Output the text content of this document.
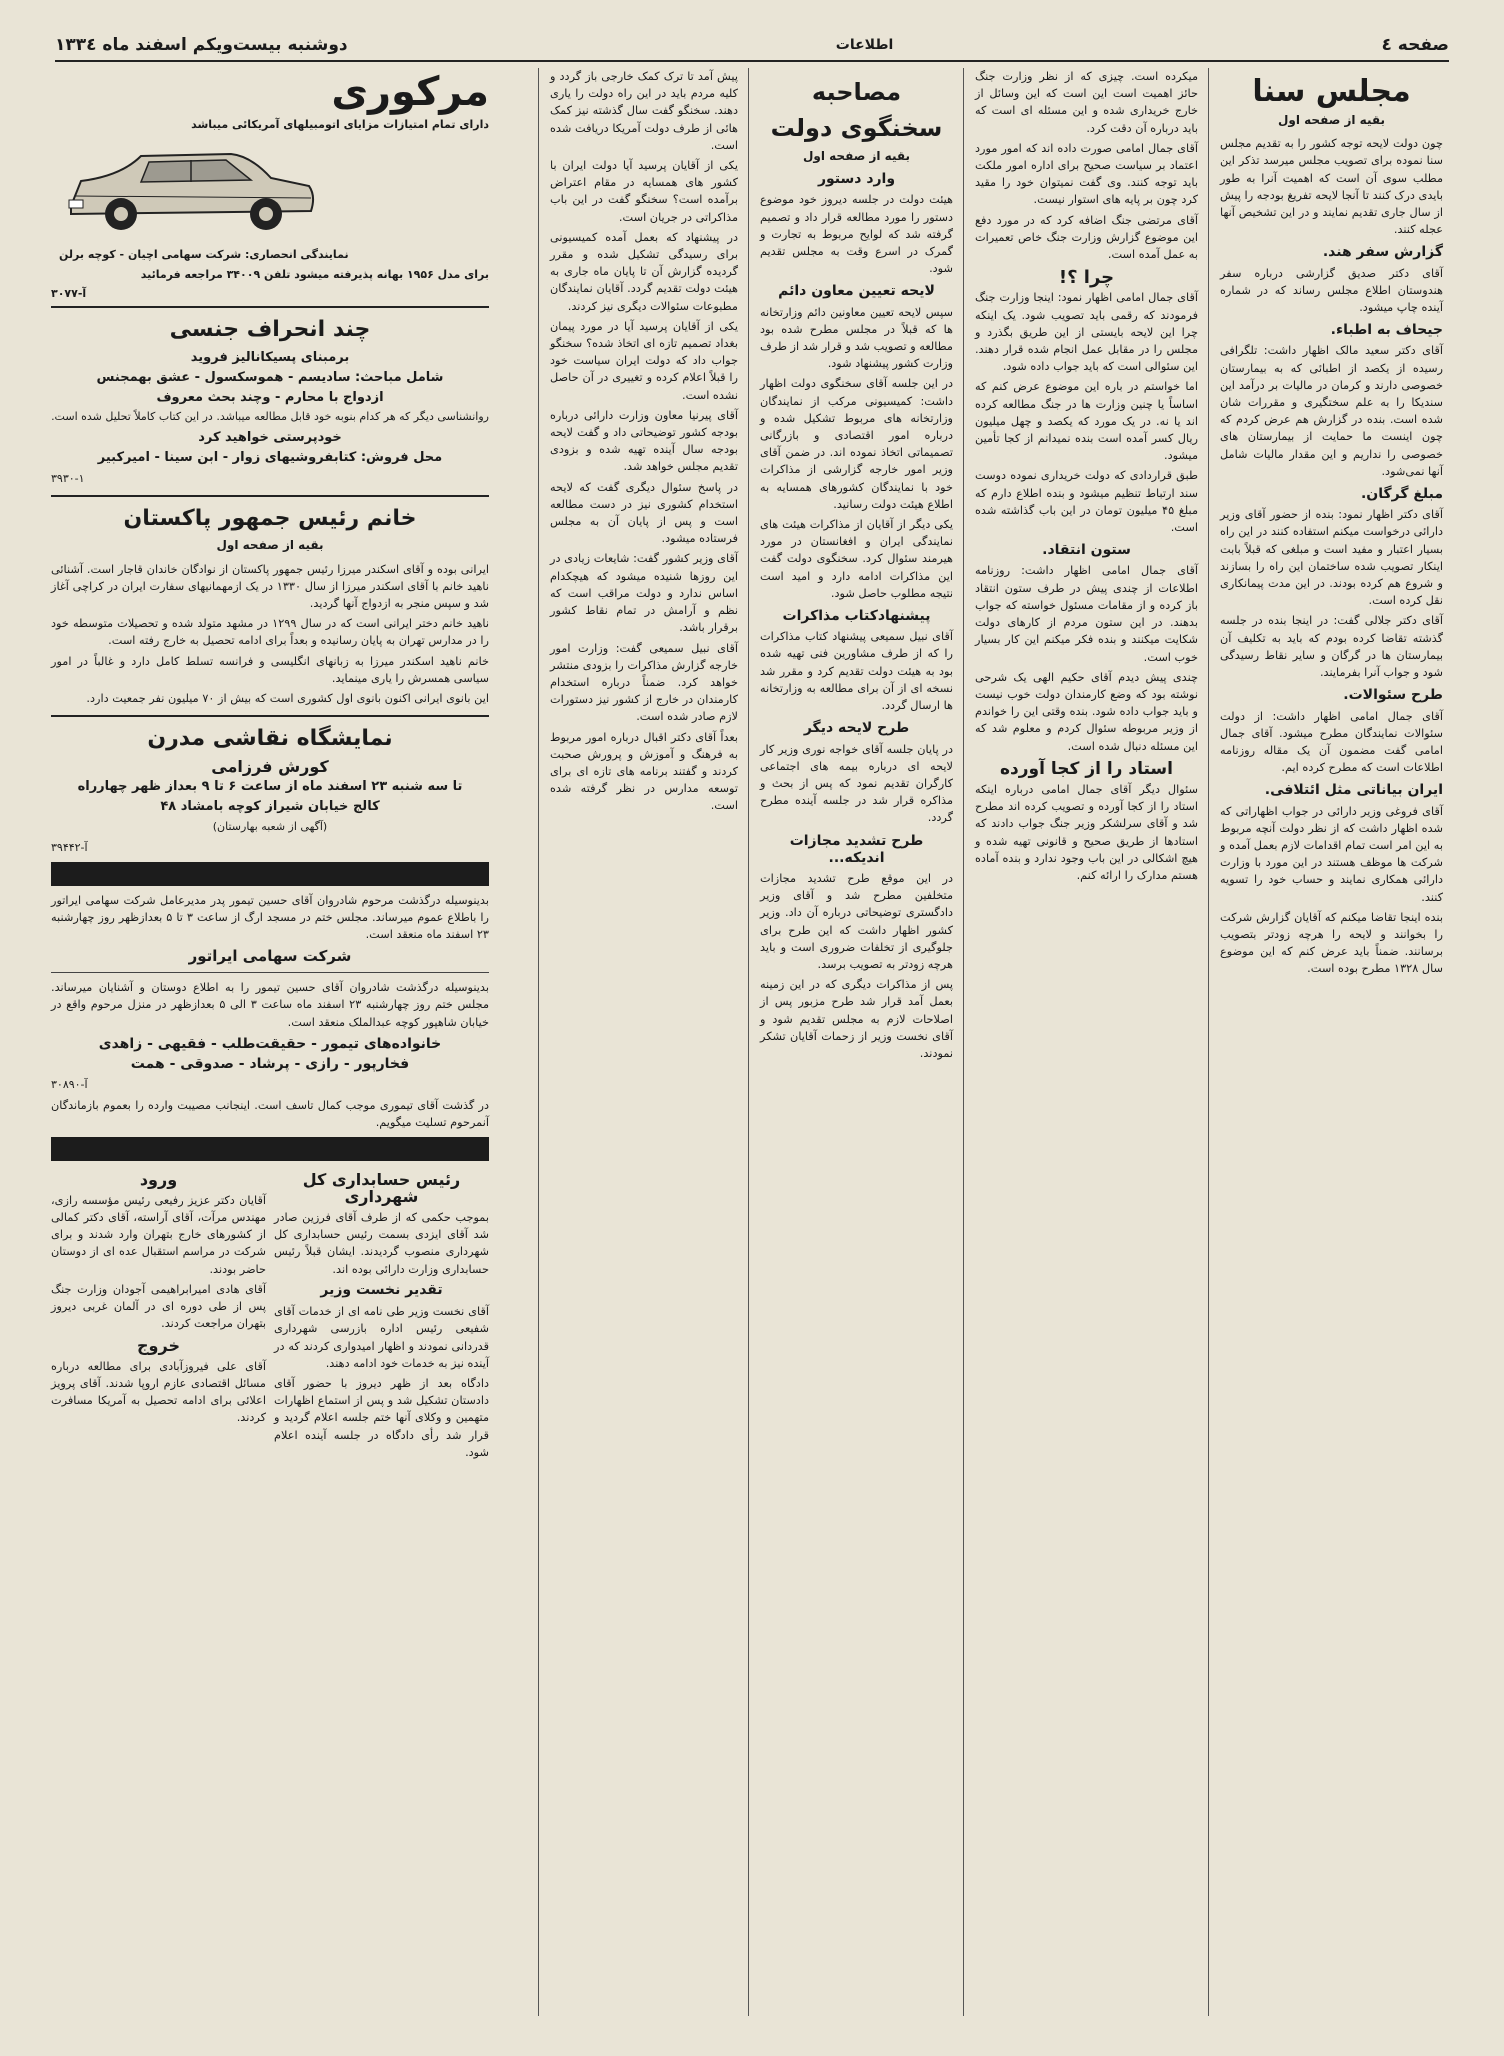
صفحه ٤
اطلاعات
دوشنبه بیست‌ویکم اسفند ماه ۱۳۳٤
مجلس سنا
بقیه از صفحه اول

چون دولت لایحه توجه کشور را به تقدیم مجلس سنا نموده برای تصویب مجلس میرسد تذکر این مطلب سوی آن است که اهمیت آنرا به طور بایدی درک کنند تا آنجا لایحه تفریغ بودجه را پیش از سال جاری تقدیم نمایند و در این تشخیص آنها عجله کنند.

گزارش سفر هند.

آقای دکتر صدیق گزارشی درباره سفر هندوستان اطلاع مجلس رساند که در شماره آینده چاپ میشود.

جیحاف به اطباء.

آقای دکتر سعید مالک اظهار داشت: تلگرافی رسیده از یکصد از اطبائی که به بیمارستان خصوصی دارند و کرمان در مالیات بر درآمد این سندیکا را به علم سختگیری و مقررات شان شده است. بنده در گزارش هم عرض کردم که چون اینست ما حمایت از بیمارستان های خصوصی را نداریم و این مقدار مالیات شامل آنها نمی‌شود.

مبلغ گرگان.

آقای دکتر اظهار نمود: بنده از حضور آقای وزیر دارائی درخواست میکنم استفاده کنند در این راه بسیار اعتبار و مفید است و مبلغی که قبلاً بابت اینکار تصویب شده ساختمان این راه را بسازند و شروع هم کرده بودند. در این مدت پیمانکاری نقل کرده است.

آقای دکتر جلالی گفت: در اینجا بنده در جلسه گذشته تقاضا کرده بودم که باید به تکلیف آن بیمارستان ها در گرگان و سایر نقاط رسیدگی شود و جواب آنرا بفرمایند.

طرح سئوالات.

آقای جمال امامی اظهار داشت: از دولت سئوالات نمایندگان مطرح میشود. آقای جمال امامی گفت مضمون آن یک مقاله روزنامه اطلاعات است که مطرح کرده ایم.

ایران بیاناتی مثل ائتلافی.

آقای فروغی وزیر دارائی در جواب اظهاراتی که شده اظهار داشت که از نظر دولت آنچه مربوط به این امر است تمام اقدامات لازم بعمل آمده و شرکت ها موظف هستند در این مورد با وزارت دارائی همکاری نمایند و حساب خود را تسویه کنند.

بنده اینجا تقاضا میکنم که آقایان گزارش شرکت را بخوانند و لایحه را هرچه زودتر بتصویب برسانند. ضمناً باید عرض کنم که این موضوع سال ۱۳۲۸ مطرح بوده است.

میکرده است. چیزی که از نظر وزارت جنگ حائز اهمیت است این است که این وسائل از خارج خریداری شده و این مسئله ای است که باید درباره آن دقت کرد.

آقای جمال امامی صورت داده اند که امور مورد اعتماد بر سیاست صحیح برای اداره امور ملکت باید توجه کنند. وی گفت نمیتوان خود را مقید کرد چون بر پایه های استوار نیست.

آقای مرتضی جنگ اضافه کرد که در مورد دفع این موضوع گزارش وزارت جنگ خاص تعمیرات به عمل آمده است.

چرا ؟!

آقای جمال امامی اظهار نمود: اینجا وزارت جنگ فرمودند که رقمی باید تصویب شود. یک اینکه چرا این لایحه بایستی از این طریق بگذرد و مجلس را در مقابل عمل انجام شده قرار دهند. این سئوالی است که باید جواب داده شود.

اما خواستم در باره این موضوع عرض کنم که اساساً یا چنین وزارت ها در جنگ مطالعه کرده اند یا نه. در یک مورد که یکصد و چهل میلیون ریال کسر آمده است بنده نمیدانم از کجا تأمین میشود.

طبق قراردادی که دولت خریداری نموده دوست سند ارتباط تنظیم میشود و بنده اطلاع دارم که مبلغ ۴۵ میلیون تومان در این باب گذاشته شده است.

ستون انتقاد.

آقای جمال امامی اظهار داشت: روزنامه اطلاعات از چندی پیش در طرف ستون انتقاد باز کرده و از مقامات مسئول خواسته که جواب بدهند. در این ستون مردم از کارهای دولت شکایت میکنند و بنده فکر میکنم این کار بسیار خوب است.

چندی پیش دیدم آقای حکیم الهی یک شرحی نوشته بود که وضع کارمندان دولت خوب نیست و باید جواب داده شود. بنده وقتی این را خواندم از وزیر مربوطه سئوال کردم و معلوم شد که این مسئله دنبال شده است.

استاد را از کجا آورده

سئوال دیگر آقای جمال امامی درباره اینکه استاد را از کجا آورده و تصویب کرده اند مطرح شد و آقای سرلشکر وزیر جنگ جواب دادند که استادها از طریق صحیح و قانونی تهیه شده و هیچ اشکالی در این باب وجود ندارد و بنده آماده هستم مدارک را ارائه کنم.

مصاحبه سخنگوی دولت
بقیه از صفحه اول
وارد دستور

هیئت دولت در جلسه دیروز خود موضوع دستور را مورد مطالعه قرار داد و تصمیم گرفته شد که لوایح مربوط به تجارت و گمرک در اسرع وقت به مجلس تقدیم شود.

لایحه تعیین معاون دائم

سپس لایحه تعیین معاونین دائم وزارتخانه ها که قبلاً در مجلس مطرح شده بود مطالعه و تصویب شد و قرار شد از طرف وزارت کشور پیشنهاد شود.

در این جلسه آقای سخنگوی دولت اظهار داشت: کمیسیونی مرکب از نمایندگان وزارتخانه های مربوط تشکیل شده و درباره امور اقتصادی و بازرگانی تصمیماتی اتخاذ نموده اند. در ضمن آقای وزیر امور خارجه گزارشی از مذاکرات خود با نمایندگان کشورهای همسایه به اطلاع هیئت دولت رسانید.

یکی دیگر از آقایان از مذاکرات هیئت های نمایندگی ایران و افغانستان در مورد هیرمند سئوال کرد. سخنگوی دولت گفت این مذاکرات ادامه دارد و امید است نتیجه مطلوب حاصل شود.

پیشنهادکتاب مذاکرات

آقای نبیل سمیعی پیشنهاد کتاب مذاکرات را که از طرف مشاورین فنی تهیه شده بود به هیئت دولت تقدیم کرد و مقرر شد نسخه ای از آن برای مطالعه به وزارتخانه ها ارسال گردد.

طرح لایحه دیگر

در پایان جلسه آقای خواجه نوری وزیر کار لایحه ای درباره بیمه های اجتماعی کارگران تقدیم نمود که پس از بحث و مذاکره قرار شد در جلسه آینده مطرح گردد.

طرح تشدید مجازات اندیکه...

در این موقع طرح تشدید مجازات متخلفین مطرح شد و آقای وزیر دادگستری توضیحاتی درباره آن داد. وزیر کشور اظهار داشت که این طرح برای جلوگیری از تخلفات ضروری است و باید هرچه زودتر به تصویب برسد.

پس از مذاکرات دیگری که در این زمینه بعمل آمد قرار شد طرح مزبور پس از اصلاحات لازم به مجلس تقدیم شود و آقای نخست وزیر از زحمات آقایان تشکر نمودند.

پیش آمد تا ترک کمک خارجی باز گردد و کلیه مردم باید در این راه دولت را یاری دهند. سخنگو گفت سال گذشته نیز کمک هائی از طرف دولت آمریکا دریافت شده است.

یکی از آقایان پرسید آیا دولت ایران با کشور های همسایه در مقام اعتراض برآمده است؟ سخنگو گفت در این باب مذاکراتی در جریان است.

در پیشنهاد که بعمل آمده کمیسیونی برای رسیدگی تشکیل شده و مقرر گردیده گزارش آن تا پایان ماه جاری به هیئت دولت تقدیم گردد. آقایان نمایندگان مطبوعات سئوالات دیگری نیز کردند.

یکی از آقایان پرسید آیا در مورد پیمان بغداد تصمیم تازه ای اتخاذ شده؟ سخنگو جواب داد که دولت ایران سیاست خود را قبلاً اعلام کرده و تغییری در آن حاصل نشده است.

آقای پیرنیا معاون وزارت دارائی درباره بودجه کشور توضیحاتی داد و گفت لایحه بودجه سال آینده تهیه شده و بزودی تقدیم مجلس خواهد شد.

در پاسخ سئوال دیگری گفت که لایحه استخدام کشوری نیز در دست مطالعه است و پس از پایان آن به مجلس فرستاده میشود.

آقای وزیر کشور گفت: شایعات زیادی در این روزها شنیده میشود که هیچکدام اساس ندارد و دولت مراقب است که نظم و آرامش در تمام نقاط کشور برقرار باشد.

آقای نبیل سمیعی گفت: وزارت امور خارجه گزارش مذاکرات را بزودی منتشر خواهد کرد. ضمناً درباره استخدام کارمندان در خارج از کشور نیز دستورات لازم صادر شده است.

بعداً آقای دکتر اقبال درباره امور مربوط به فرهنگ و آموزش و پرورش صحبت کردند و گفتند برنامه های تازه ای برای توسعه مدارس در نظر گرفته شده است.

مرکوری
دارای تمام امتیازات مزایای اتومبیلهای آمریکائی میباشد
نمایندگی انحصاری: شرکت سهامی اچیان - کوچه برلن
برای مدل ۱۹۵۶ بهانه پذیرفته میشود تلفن ۳۴۰۰۹ مراجعه فرمائید
آ-۳۰۷۷
چند انحراف جنسی
برمبنای پسیکانالیز فروید
شامل مباحث: سادیسم - هموسکسول - عشق بهمجنس
ازدواج با محارم - وچند بحث معروف

روانشناسی دیگر که هر کدام بنوبه خود قابل مطالعه میباشد. در این کتاب کاملاً تحلیل شده است.

خودپرستی خواهید کرد
محل فروش: کتابفروشیهای زوار - ابن سینا - امیرکبیر
۳۹۳۰-۱
خانم رئیس جمهور پاکستان
بقیه از صفحه اول

ایرانی بوده و آقای اسکندر میرزا رئیس جمهور پاکستان از نوادگان خاندان قاجار است. آشنائی ناهید خانم با آقای اسکندر میرزا از سال ۱۳۳۰ در یک ازمهمانیهای سفارت ایران در کراچی آغاز شد و سپس منجر به ازدواج آنها گردید.

ناهید خانم دختر ایرانی است که در سال ۱۲۹۹ در مشهد متولد شده و تحصیلات متوسطه خود را در مدارس تهران به پایان رسانیده و بعداً برای ادامه تحصیل به خارج رفته است.

خانم ناهید اسکندر میرزا به زبانهای انگلیسی و فرانسه تسلط کامل دارد و غالباً در امور سیاسی همسرش را یاری مینماید.

این بانوی ایرانی اکنون بانوی اول کشوری است که بیش از ۷۰ میلیون نفر جمعیت دارد.

نمایشگاه نقاشی مدرن
کورش فرزامی
تا سه شنبه ۲۳ اسفند ماه از ساعت ۶ تا ۹ بعداز ظهر چهارراه
کالج خیابان شیراز کوچه بامشاد ۴۸
(آگهی از شعبه بهارستان)
آ-۳۹۴۴۲

بدینوسیله درگذشت مرحوم شادروان آقای حسین تیمور پدر مدیرعامل شرکت سهامی ایراتور را باطلاع عموم میرساند. مجلس ختم در مسجد ارگ از ساعت ۳ تا ۵ بعدازظهر روز چهارشنبه ۲۳ اسفند ماه منعقد است.

شرکت سهامی ایراتور

بدینوسیله درگذشت شادروان آقای حسین تیمور را به اطلاع دوستان و آشنایان میرساند. مجلس ختم روز چهارشنبه ۲۳ اسفند ماه ساعت ۳ الی ۵ بعدازظهر در منزل مرحوم واقع در خیابان شاهپور کوچه عبدالملک منعقد است.

خانواده‌های تیمور - حقیقت‌طلب - فقیهی - زاهدی
فخارپور - رازی - پرشاد - صدوقی - همت
آ-۳۰۸۹۰

در گذشت آقای تیموری موجب کمال تاسف است. اینجانب مصیبت وارده را بعموم بازماندگان آنمرحوم تسلیت میگویم.

رئیس حسابداری کل شهرداری

بموجب حکمی که از طرف آقای فرزین صادر شد آقای ایزدی بسمت رئیس حسابداری کل شهرداری منصوب گردیدند. ایشان قبلاً رئیس حسابداری وزارت دارائی بوده اند.

تقدیر نخست وزیر

آقای نخست وزیر طی نامه ای از خدمات آقای شفیعی رئیس اداره بازرسی شهرداری قدردانی نمودند و اظهار امیدواری کردند که در آینده نیز به خدمات خود ادامه دهند.

دادگاه بعد از ظهر دیروز با حضور آقای دادستان تشکیل شد و پس از استماع اظهارات متهمین و وکلای آنها ختم جلسه اعلام گردید و قرار شد رأی دادگاه در جلسه آینده اعلام شود.

ورود

آقایان دکتر عزیز رفیعی رئیس مؤسسه رازی، مهندس مرآت، آقای آراسته، آقای دکتر کمالی از کشورهای خارج بتهران وارد شدند و برای شرکت در مراسم استقبال عده ای از دوستان حاضر بودند.

آقای هادی امیرابراهیمی آجودان وزارت جنگ پس از طی دوره ای در آلمان غربی دیروز بتهران مراجعت کردند.

خروج

آقای علی فیروزآبادی برای مطالعه درباره مسائل اقتصادی عازم اروپا شدند. آقای پرویز اعلائی برای ادامه تحصیل به آمریکا مسافرت کردند.
